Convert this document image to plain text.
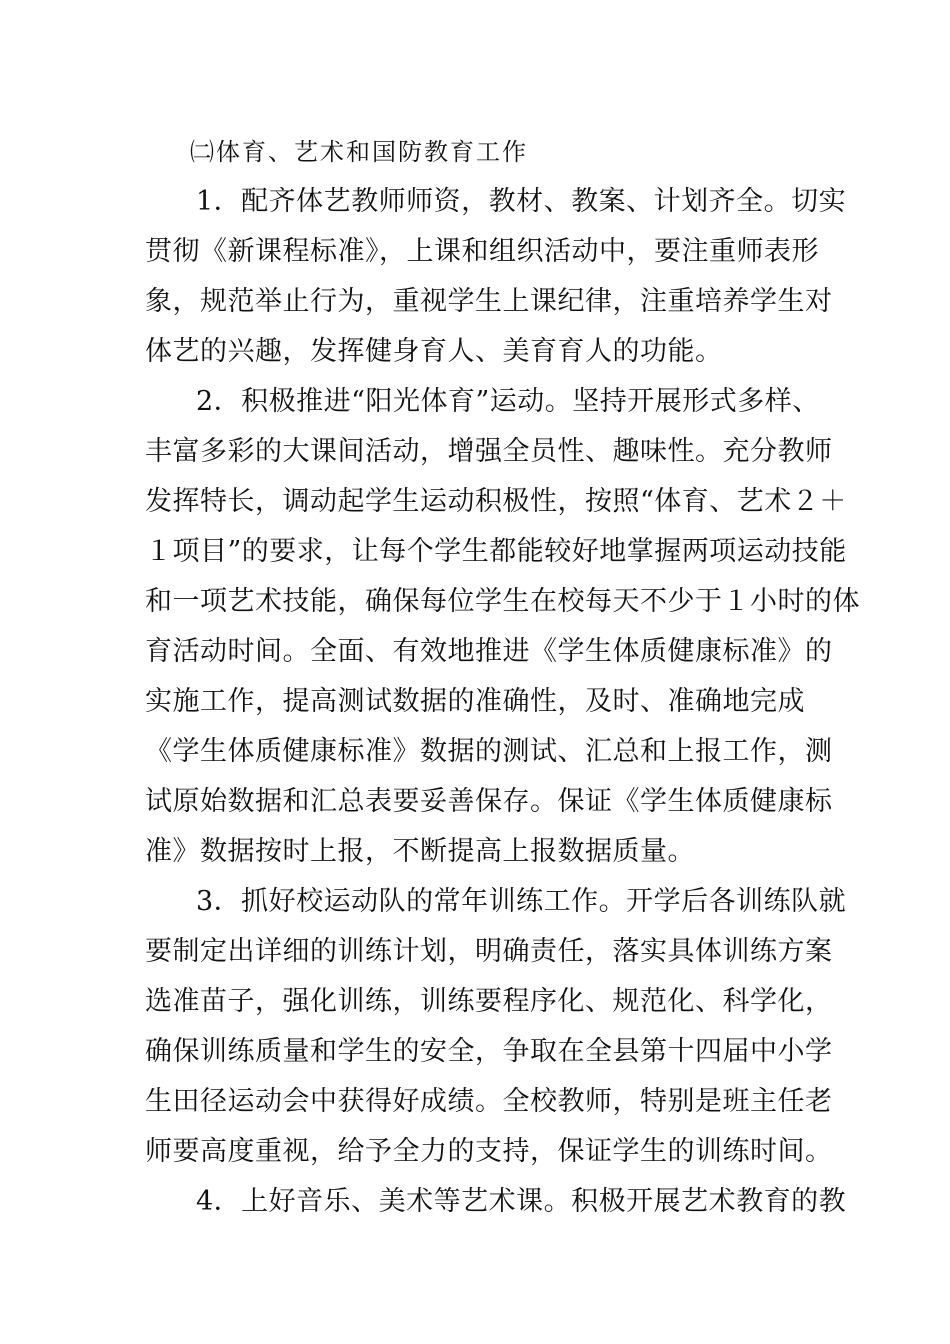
㈡体育、艺术和国防教育工作
1．配齐体艺教师师资，教材、教案、计划齐全。切实
贯彻《新课程标准》，上课和组织活动中，要注重师表形
象，规范举止行为，重视学生上课纪律，注重培养学生对
体艺的兴趣，发挥健身育人、美育育人的功能。
2．积极推进“阳光体育”运动。坚持开展形式多样、
丰富多彩的大课间活动，增强全员性、趣味性。充分教师
发挥特长，调动起学生运动积极性，按照“体育、艺术２＋
１项目”的要求，让每个学生都能较好地掌握两项运动技能
和一项艺术技能，确保每位学生在校每天不少于１小时的体
育活动时间。全面、有效地推进《学生体质健康标准》的
实施工作，提高测试数据的准确性，及时、准确地完成
《学生体质健康标准》数据的测试、汇总和上报工作，测
试原始数据和汇总表要妥善保存。保证《学生体质健康标
准》数据按时上报，不断提高上报数据质量。
3．抓好校运动队的常年训练工作。开学后各训练队就
要制定出详细的训练计划，明确责任，落实具体训练方案
选准苗子，强化训练，训练要程序化、规范化、科学化，
确保训练质量和学生的安全，争取在全县第十四届中小学
生田径运动会中获得好成绩。全校教师，特别是班主任老
师要高度重视，给予全力的支持，保证学生的训练时间。
4．上好音乐、美术等艺术课。积极开展艺术教育的教
